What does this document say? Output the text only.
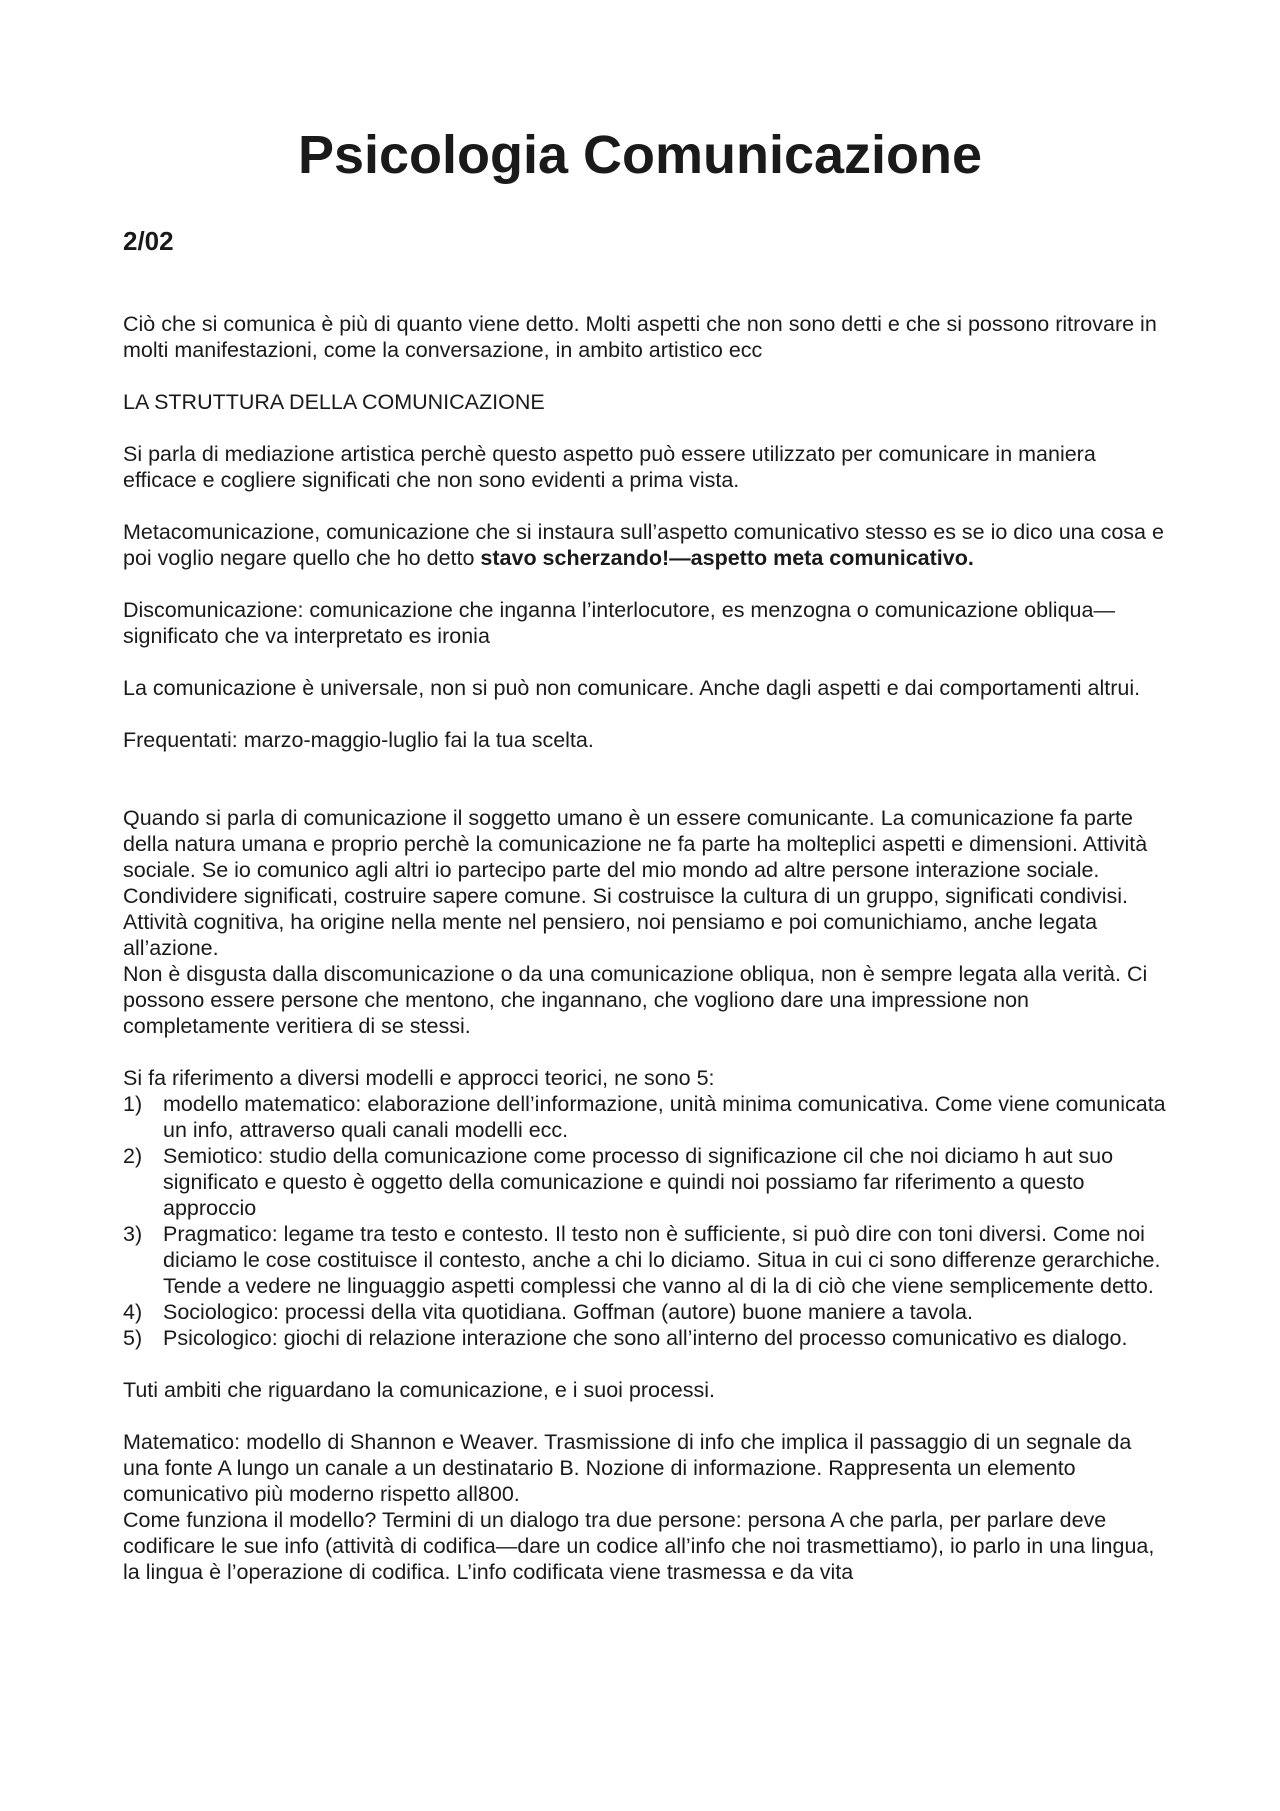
Psicologia Comunicazione
2/02

Ciò che si comunica è più di quanto viene detto. Molti aspetti che non sono detti e che si possono ritrovare in molti manifestazioni, come la conversazione, in ambito artistico ecc

LA STRUTTURA DELLA COMUNICAZIONE

Si parla di mediazione artistica perchè questo aspetto può essere utilizzato per comunicare in maniera efficace e cogliere significati che non sono evidenti a prima vista.

Metacomunicazione, comunicazione che si instaura sull’aspetto comunicativo stesso es se io dico una cosa e poi voglio negare quello che ho detto stavo scherzando!—aspetto meta comunicativo.

Discomunicazione: comunicazione che inganna l’interlocutore, es menzogna o comunicazione obliqua—significato che va interpretato es ironia

La comunicazione è universale, non si può non comunicare. Anche dagli aspetti e dai comportamenti altrui.

Frequentati: marzo-maggio-luglio fai la tua scelta.

Quando si parla di comunicazione il soggetto umano è un essere comunicante. La comunicazione fa parte della natura umana e proprio perchè la comunicazione ne fa parte ha molteplici aspetti e dimensioni. Attività sociale. Se io comunico agli altri io partecipo parte del mio mondo ad altre persone interazione sociale. Condividere significati, costruire sapere comune. Si costruisce la cultura di un gruppo, significati condivisi. Attività cognitiva, ha origine nella mente nel pensiero, noi pensiamo e poi comunichiamo, anche legata all’azione.

Non è disgusta dalla discomunicazione o da una comunicazione obliqua, non è sempre legata alla verità. Ci possono essere persone che mentono, che ingannano, che vogliono dare una impressione non completamente veritiera di se stessi.

Si fa riferimento a diversi modelli e approcci teorici, ne sono 5:

1) modello matematico: elaborazione dell’informazione, unità minima comunicativa. Come viene comunicata un info, attraverso quali canali modelli ecc.
2) Semiotico: studio della comunicazione come processo di significazione cil che noi diciamo h aut suo significato e questo è oggetto della comunicazione e quindi noi possiamo far riferimento a questo approccio
3) Pragmatico: legame tra testo e contesto. Il testo non è sufficiente, si può dire con toni diversi. Come noi diciamo le cose costituisce il contesto, anche a chi lo diciamo. Situa in cui ci sono differenze gerarchiche. Tende a vedere ne linguaggio aspetti complessi che vanno al di la di ciò che viene semplicemente detto.
4) Sociologico: processi della vita quotidiana. Goffman (autore) buone maniere a tavola.
5) Psicologico: giochi di relazione interazione che sono all’interno del processo comunicativo es dialogo.

Tuti ambiti che riguardano la comunicazione, e i suoi processi.

Matematico: modello di Shannon e Weaver. Trasmissione di info che implica il passaggio di un segnale da una fonte A lungo un canale a un destinatario B. Nozione di informazione. Rappresenta un elemento comunicativo più moderno rispetto all800.

Come funziona il modello? Termini di un dialogo tra due persone: persona A che parla, per parlare deve codificare le sue info (attività di codifica—dare un codice all’info che noi trasmettiamo), io parlo in una lingua, la lingua è l’operazione di codifica. L’info codificata viene trasmessa e da vita
